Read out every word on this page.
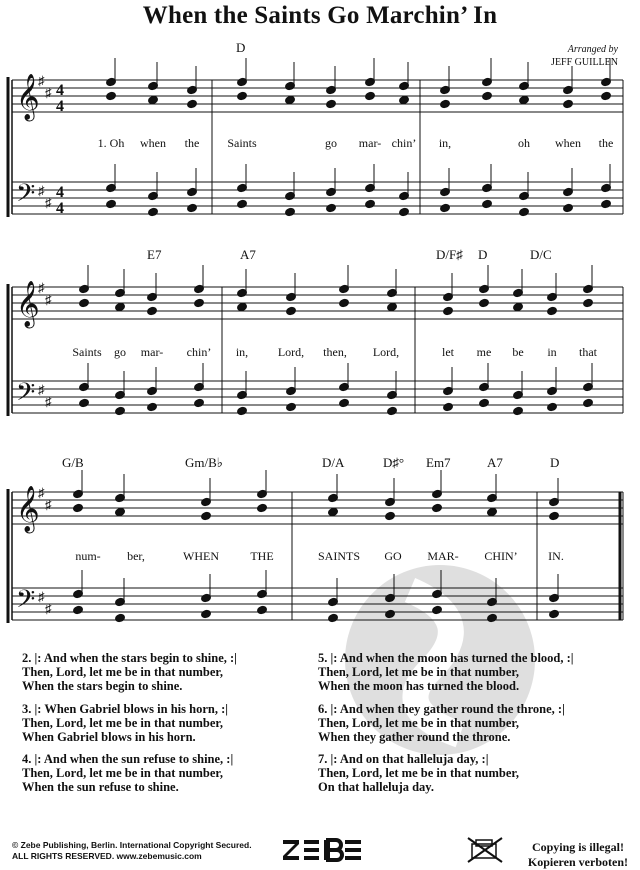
When the Saints Go Marchin’ In
Arranged by
JEFF GUILLEN
𝄞
𝄢
♯
♯
♯
♯
𝄞
𝄢
♯
♯
♯
♯
𝄞
𝄢
♯
♯
♯
♯
4
4
4
4
D
E7	A7	D/F♯ D	D/C
G/B	Gm/B♭	D/A	D♯° Em7	A7	D
1. Oh when the Saints	go mar- chin’ in,	oh when the
Saints go mar- chin’ in, Lord, then, Lord,	let me be in that
num- ber,	WHEN	THE	SAINTS GO MAR- CHIN’	IN.
2. |: And when the stars begin to shine, :|
Then, Lord, let me be in that number,
When the stars begin to shine.
3. |: When Gabriel blows in his horn, :|
Then, Lord, let me be in that number,
When Gabriel blows in his horn.
4. |: And when the sun refuse to shine, :|
Then, Lord, let me be in that number,
When the sun refuse to shine.
5. |: And when the moon has turned the blood, :|
Then, Lord, let me be in that number,
When the moon has turned the blood.
6. |: And when they gather round the throne, :|
Then, Lord, let me be in that number,
When they gather round the throne.
7. |: And on that halleluja day, :|
Then, Lord, let me be in that number,
On that halleluja day.
© Zebe Publishing, Berlin. International Copyright Secured.
ALL RIGHTS RESERVED. www.zebemusic.com
Copying is illegal!
Kopieren verboten!
